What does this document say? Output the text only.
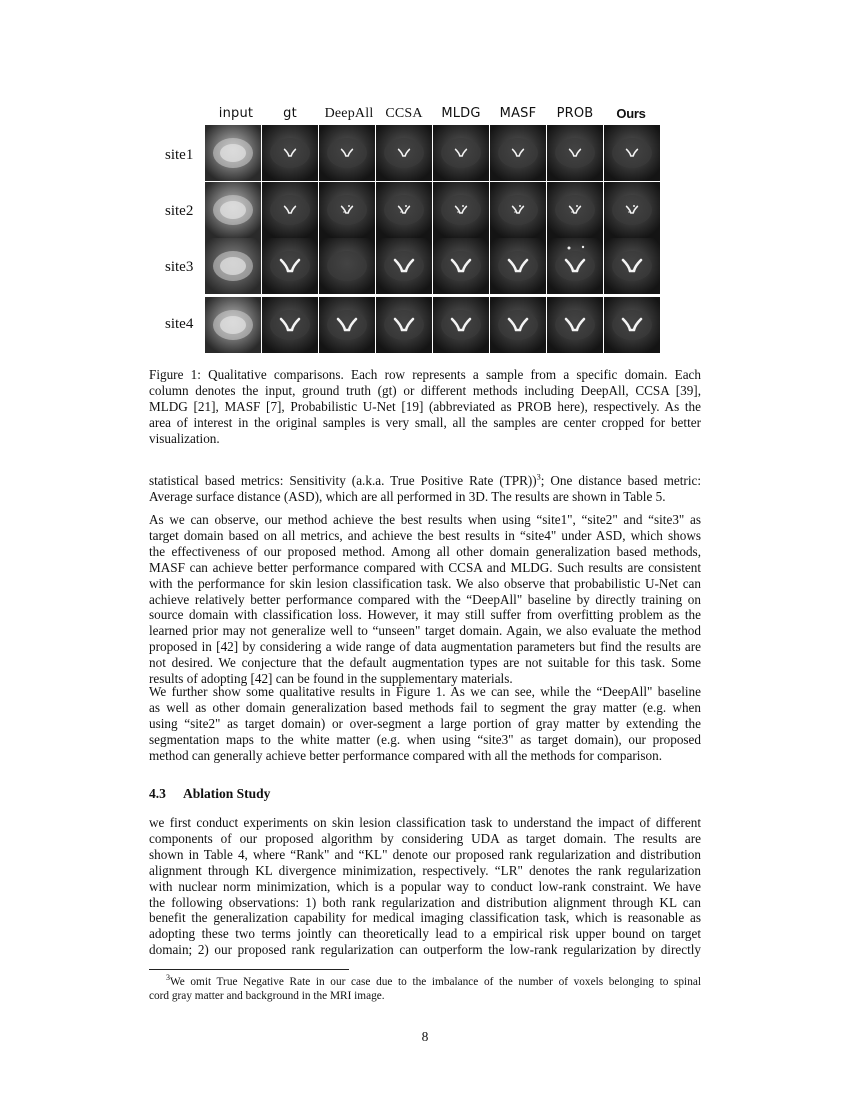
input	gt	DeepAll CCSA	MLDG	MASF	PROB	Ours
site1
site2
site3
site4
Figure 1: Qualitative comparisons. Each row represents a sample from a specific domain. Each
column denotes the input, ground truth (gt) or different methods including DeepAll, CCSA [39],
MLDG [21], MASF [7], Probabilistic U-Net [19] (abbreviated as PROB here), respectively. As the
area of interest in the original samples is very small, all the samples are center cropped for better
visualization.
statistical based metrics: Sensitivity (a.k.a. True Positive Rate (TPR))$^3$; One distance based metric:
Average surface distance (ASD), which are all performed in 3D. The results are shown in Table 5.
As we can observe, our method achieve the best results when using “site1", “site2" and “site3" as
target domain based on all metrics, and achieve the best results in “site4" under ASD, which shows
the effectiveness of our proposed method. Among all other domain generalization based methods,
MASF can achieve better performance compared with CCSA and MLDG. Such results are consistent
with the performance for skin lesion classification task. We also observe that probabilistic U-Net can
achieve relatively better performance compared with the “DeepAll" baseline by directly training on
source domain with classification loss. However, it may still suffer from overfitting problem as the
learned prior may not generalize well to “unseen" target domain. Again, we also evaluate the method
proposed in [42] by considering a wide range of data augmentation parameters but find the results are
not desired. We conjecture that the default augmentation types are not suitable for this task. Some
results of adopting [42] can be found in the supplementary materials.
We further show some qualitative results in Figure 1. As we can see, while the “DeepAll" baseline
as well as other domain generalization based methods fail to segment the gray matter (e.g. when
using “site2" as target domain) or over-segment a large portion of gray matter by extending the
segmentation maps to the white matter (e.g. when using “site3" as target domain), our proposed
method can generally achieve better performance compared with all the methods for comparison.
4.3 Ablation Study
we first conduct experiments on skin lesion classification task to understand the impact of different
components of our proposed algorithm by considering UDA as target domain. The results are
shown in Table 4, where “Rank" and “KL" denote our proposed rank regularization and distribution
alignment through KL divergence minimization, respectively. “LR" denotes the rank regularization
with nuclear norm minimization, which is a popular way to conduct low-rank constraint. We have
the following observations: 1) both rank regularization and distribution alignment through KL can
benefit the generalization capability for medical imaging classification task, which is reasonable as
adopting these two terms jointly can theoretically lead to a empirical risk upper bound on target
domain; 2) our proposed rank regularization can outperform the low-rank regularization by directly
$^3$We omit True Negative Rate in our case due to the imbalance of the number of voxels belonging to spinal
cord gray matter and background in the MRI image.
8
